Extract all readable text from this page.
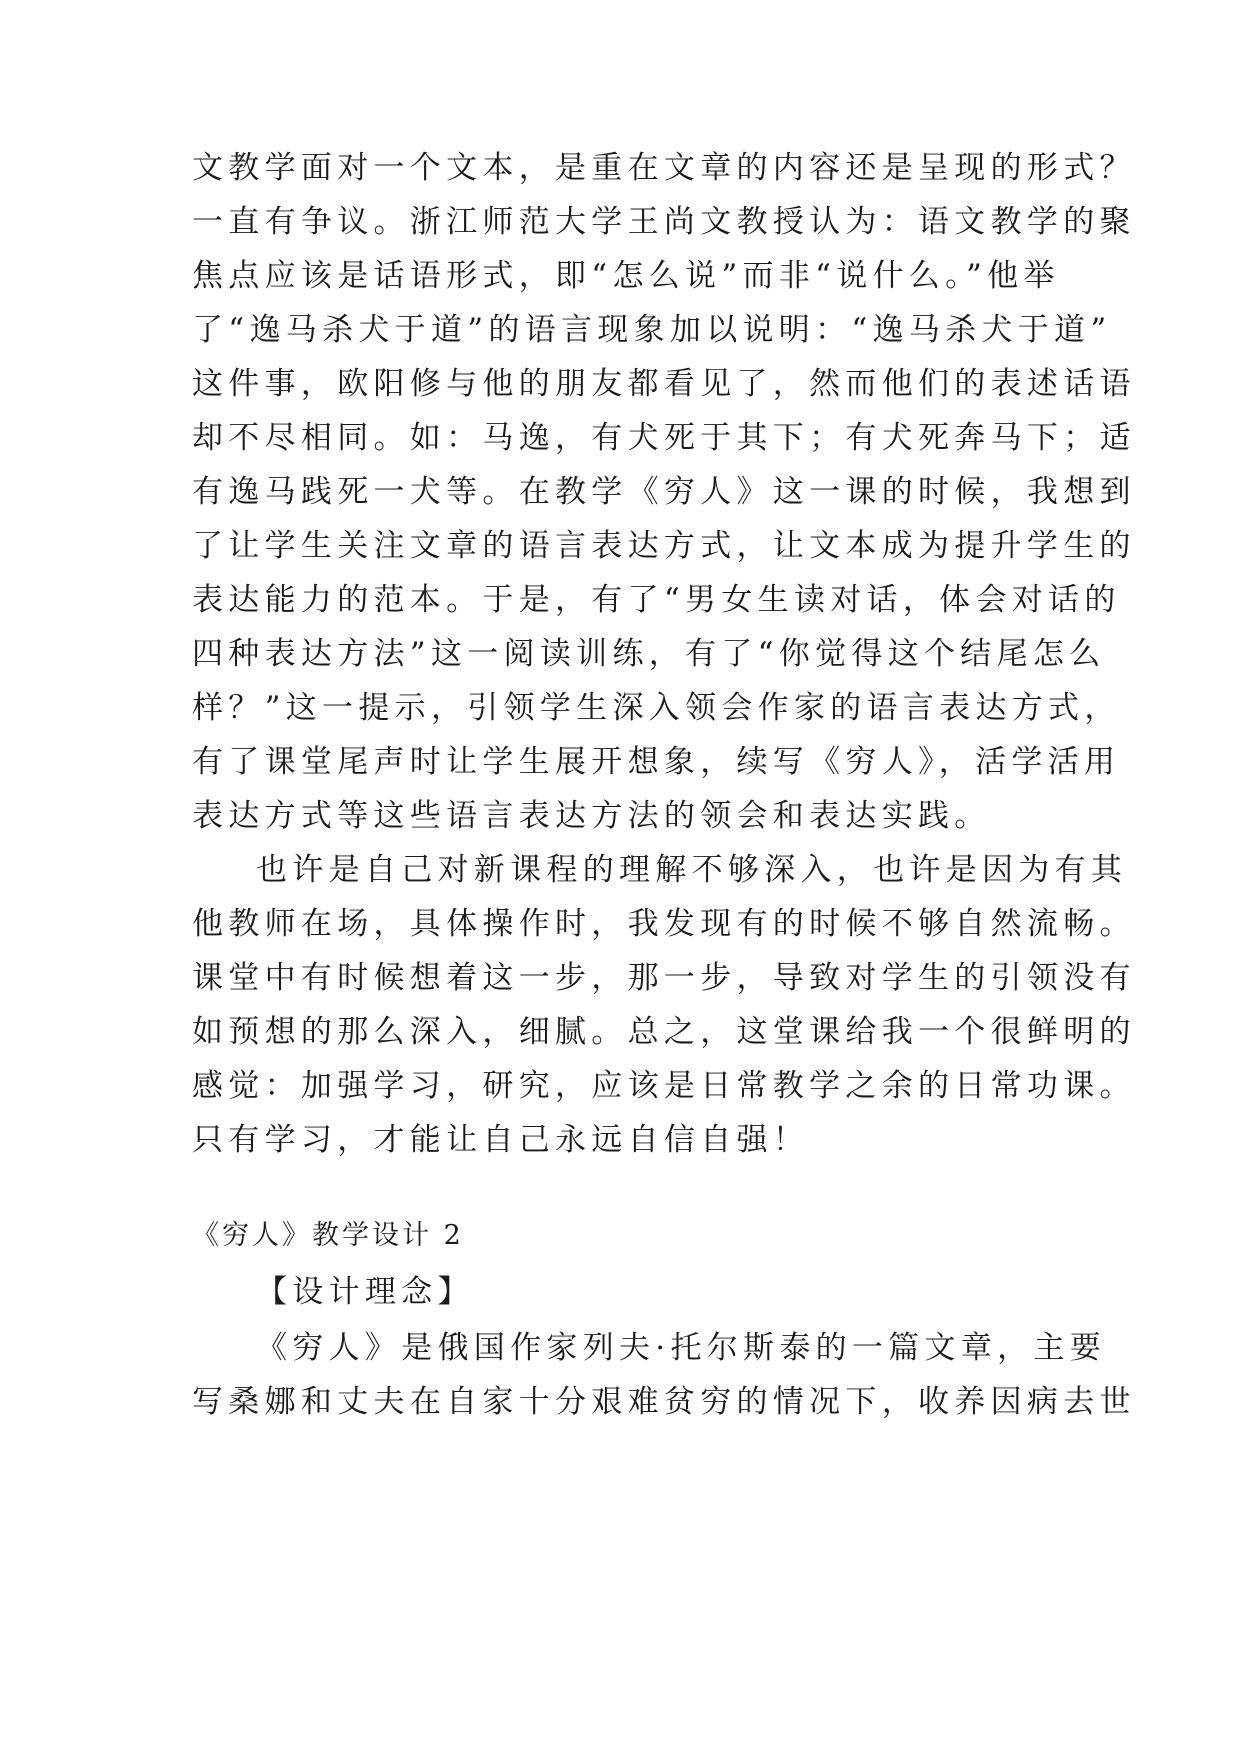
文教学面对一个文本，是重在文章的内容还是呈现的形式？
一直有争议。浙江师范大学王尚文教授认为：语文教学的聚
焦点应该是话语形式，即“怎么说”而非“说什么。”他举
了“逸马杀犬于道”的语言现象加以说明：“逸马杀犬于道”
这件事，欧阳修与他的朋友都看见了，然而他们的表述话语
却不尽相同。如：马逸，有犬死于其下；有犬死奔马下；适
有逸马践死一犬等。在教学《穷人》这一课的时候，我想到
了让学生关注文章的语言表达方式，让文本成为提升学生的
表达能力的范本。于是，有了“男女生读对话，体会对话的
四种表达方法”这一阅读训练，有了“你觉得这个结尾怎么
样？”这一提示，引领学生深入领会作家的语言表达方式，
有了课堂尾声时让学生展开想象，续写《穷人》，活学活用
表达方式等这些语言表达方法的领会和表达实践。
也许是自己对新课程的理解不够深入，也许是因为有其
他教师在场，具体操作时，我发现有的时候不够自然流畅。
课堂中有时候想着这一步，那一步，导致对学生的引领没有
如预想的那么深入，细腻。总之，这堂课给我一个很鲜明的
感觉：加强学习，研究，应该是日常教学之余的日常功课。
只有学习，才能让自己永远自信自强！
《穷人》教学设计 2
【设计理念】
《穷人》是俄国作家列夫·托尔斯泰的一篇文章，主要
写桑娜和丈夫在自家十分艰难贫穷的情况下，收养因病去世
